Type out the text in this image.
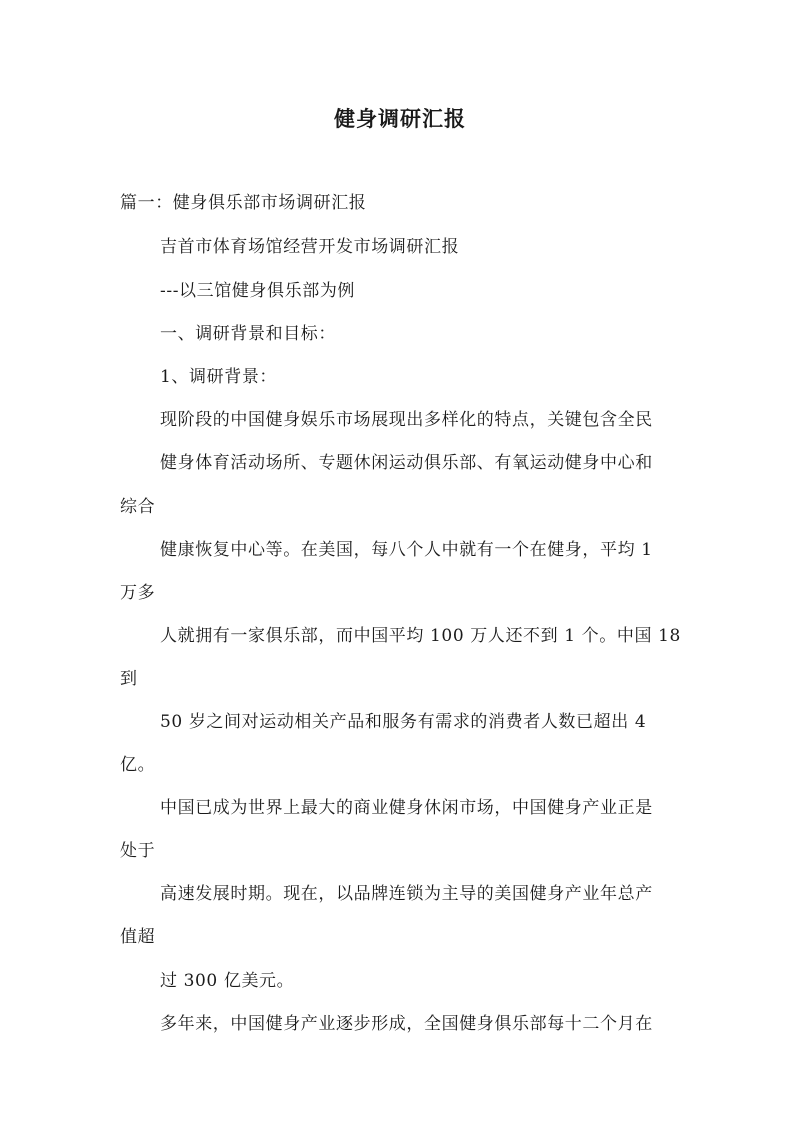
健身调研汇报
篇一：健身俱乐部市场调研汇报
吉首市体育场馆经营开发市场调研汇报
---以三馆健身俱乐部为例
一、调研背景和目标：
1、调研背景：
现阶段的中国健身娱乐市场展现出多样化的特点，关键包含全民
健身体育活动场所、专题休闲运动俱乐部、有氧运动健身中心和
综合
健康恢复中心等。在美国，每八个人中就有一个在健身，平均 1
万多
人就拥有一家俱乐部，而中国平均 100 万人还不到 1 个。中国 18
到
50 岁之间对运动相关产品和服务有需求的消费者人数已超出 4
亿。
中国已成为世界上最大的商业健身休闲市场，中国健身产业正是
处于
高速发展时期。现在，以品牌连锁为主导的美国健身产业年总产
值超
过 300 亿美元。
多年来，中国健身产业逐步形成，全国健身俱乐部每十二个月在
